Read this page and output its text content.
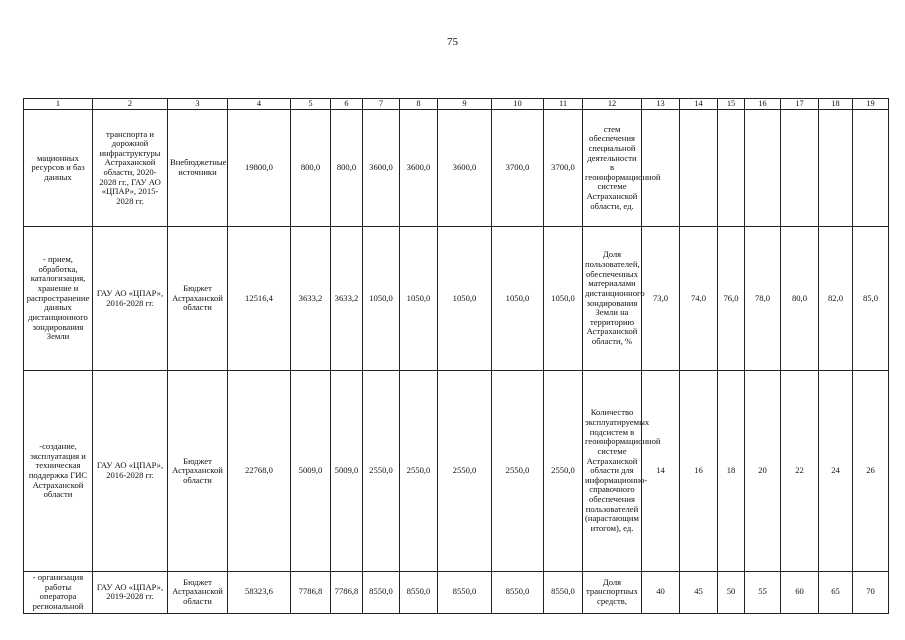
75
1	2	3	4	5	6	7	8	9	10	11	12	13	14	15	16	17	18	19
мационных ресурсов и баз данных	транспорта и дорожной инфраструктуры Астраханской области, 2020-2028 гг., ГАУ АО «ЦПАР», 2015-2028 гг.	Внебюджетные источники	19800,0	800,0	800,0	3600,0	3600,0	3600,0	3700,0	3700,0	стем обеспечения специальной деятельности в геоинформационной системе Астраханской области, ед.							
- прием, обработка, каталогизация, хранение и распространение данных дистанционного зондирования Земли	ГАУ АО «ЦПАР», 2016-2028 гг.	Бюджет Астраханской области	12516,4	3633,2	3633,2	1050,0	1050,0	1050,0	1050,0	1050,0	Доля пользователей, обеспеченных материалами дистанционного зондирования Земли на территорию Астраханской области, %	73,0	74,0	76,0	78,0	80,0	82,0	85,0
-создание, эксплуатация и техническая поддержка ГИС Астраханской области	ГАУ АО «ЦПАР», 2016-2028 гг.	Бюджет Астраханской области	22768,0	5009,0	5009,0	2550,0	2550,0	2550,0	2550,0	2550,0	Количество эксплуатируемых подсистем в геоинформационной системе Астраханской области для информационно-справочного обеспечения пользователей (нарастающим итогом), ед.	14	16	18	20	22	24	26
- организация работы оператора региональной	ГАУ АО «ЦПАР», 2019-2028 гг.	Бюджет Астраханской области	58323,6	7786,8	7786,8	8550,0	8550,0	8550,0	8550,0	8550,0	Доля транспортных средств,	40	45	50	55	60	65	70
